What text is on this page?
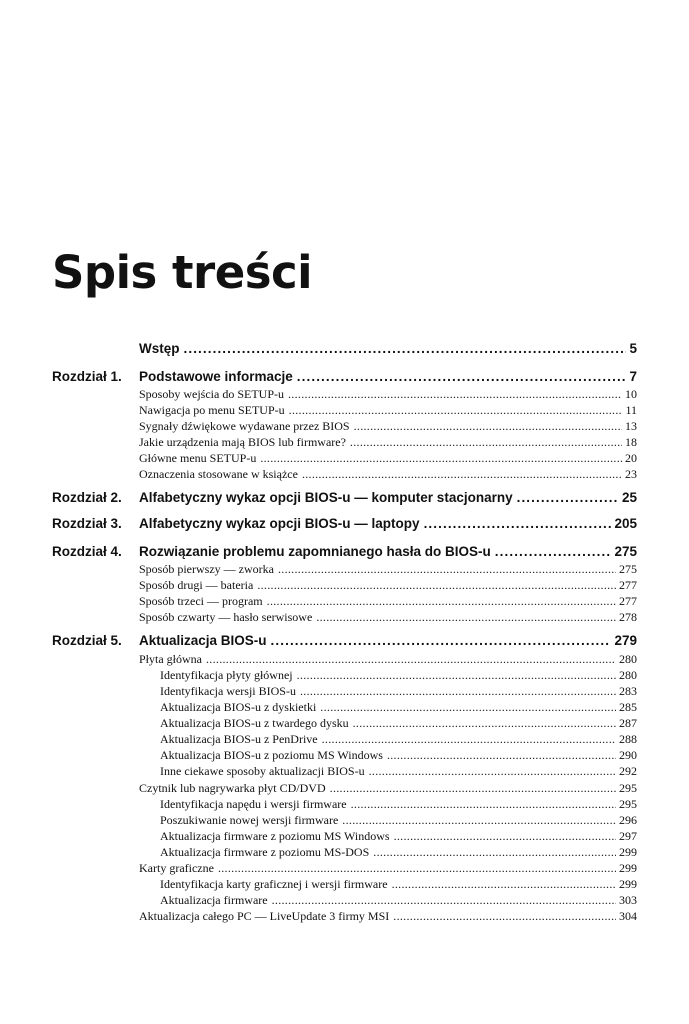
Spis treści
Wstęp .....	5
Rozdział 1. Podstawowe informacje .....	7
Sposoby wejścia do SETUP-u .....	10
Nawigacja po menu SETUP-u .....	11
Sygnały dźwiękowe wydawane przez BIOS .....	13
Jakie urządzenia mają BIOS lub firmware? .....	18
Główne menu SETUP-u .....	20
Oznaczenia stosowane w książce .....	23
Rozdział 2. Alfabetyczny wykaz opcji BIOS-u — komputer stacjonarny .....	25
Rozdział 3. Alfabetyczny wykaz opcji BIOS-u — laptopy .....	205
Rozdział 4. Rozwiązanie problemu zapomnianego hasła do BIOS-u .....	275
Sposób pierwszy — zworka .....	275
Sposób drugi — bateria .....	277
Sposób trzeci — program .....	277
Sposób czwarty — hasło serwisowe .....	278
Rozdział 5. Aktualizacja BIOS-u .....	279
Płyta główna .....	280
Identyfikacja płyty głównej .....	280
Identyfikacja wersji BIOS-u .....	283
Aktualizacja BIOS-u z dyskietki .....	285
Aktualizacja BIOS-u z twardego dysku .....	287
Aktualizacja BIOS-u z PenDrive .....	288
Aktualizacja BIOS-u z poziomu MS Windows .....	290
Inne ciekawe sposoby aktualizacji BIOS-u .....	292
Czytnik lub nagrywarka płyt CD/DVD .....	295
Identyfikacja napędu i wersji firmware .....	295
Poszukiwanie nowej wersji firmware .....	296
Aktualizacja firmware z poziomu MS Windows .....	297
Aktualizacja firmware z poziomu MS-DOS .....	299
Karty graficzne .....	299
Identyfikacja karty graficznej i wersji firmware .....	299
Aktualizacja firmware .....	303
Aktualizacja całego PC — LiveUpdate 3 firmy MSI .....	304
